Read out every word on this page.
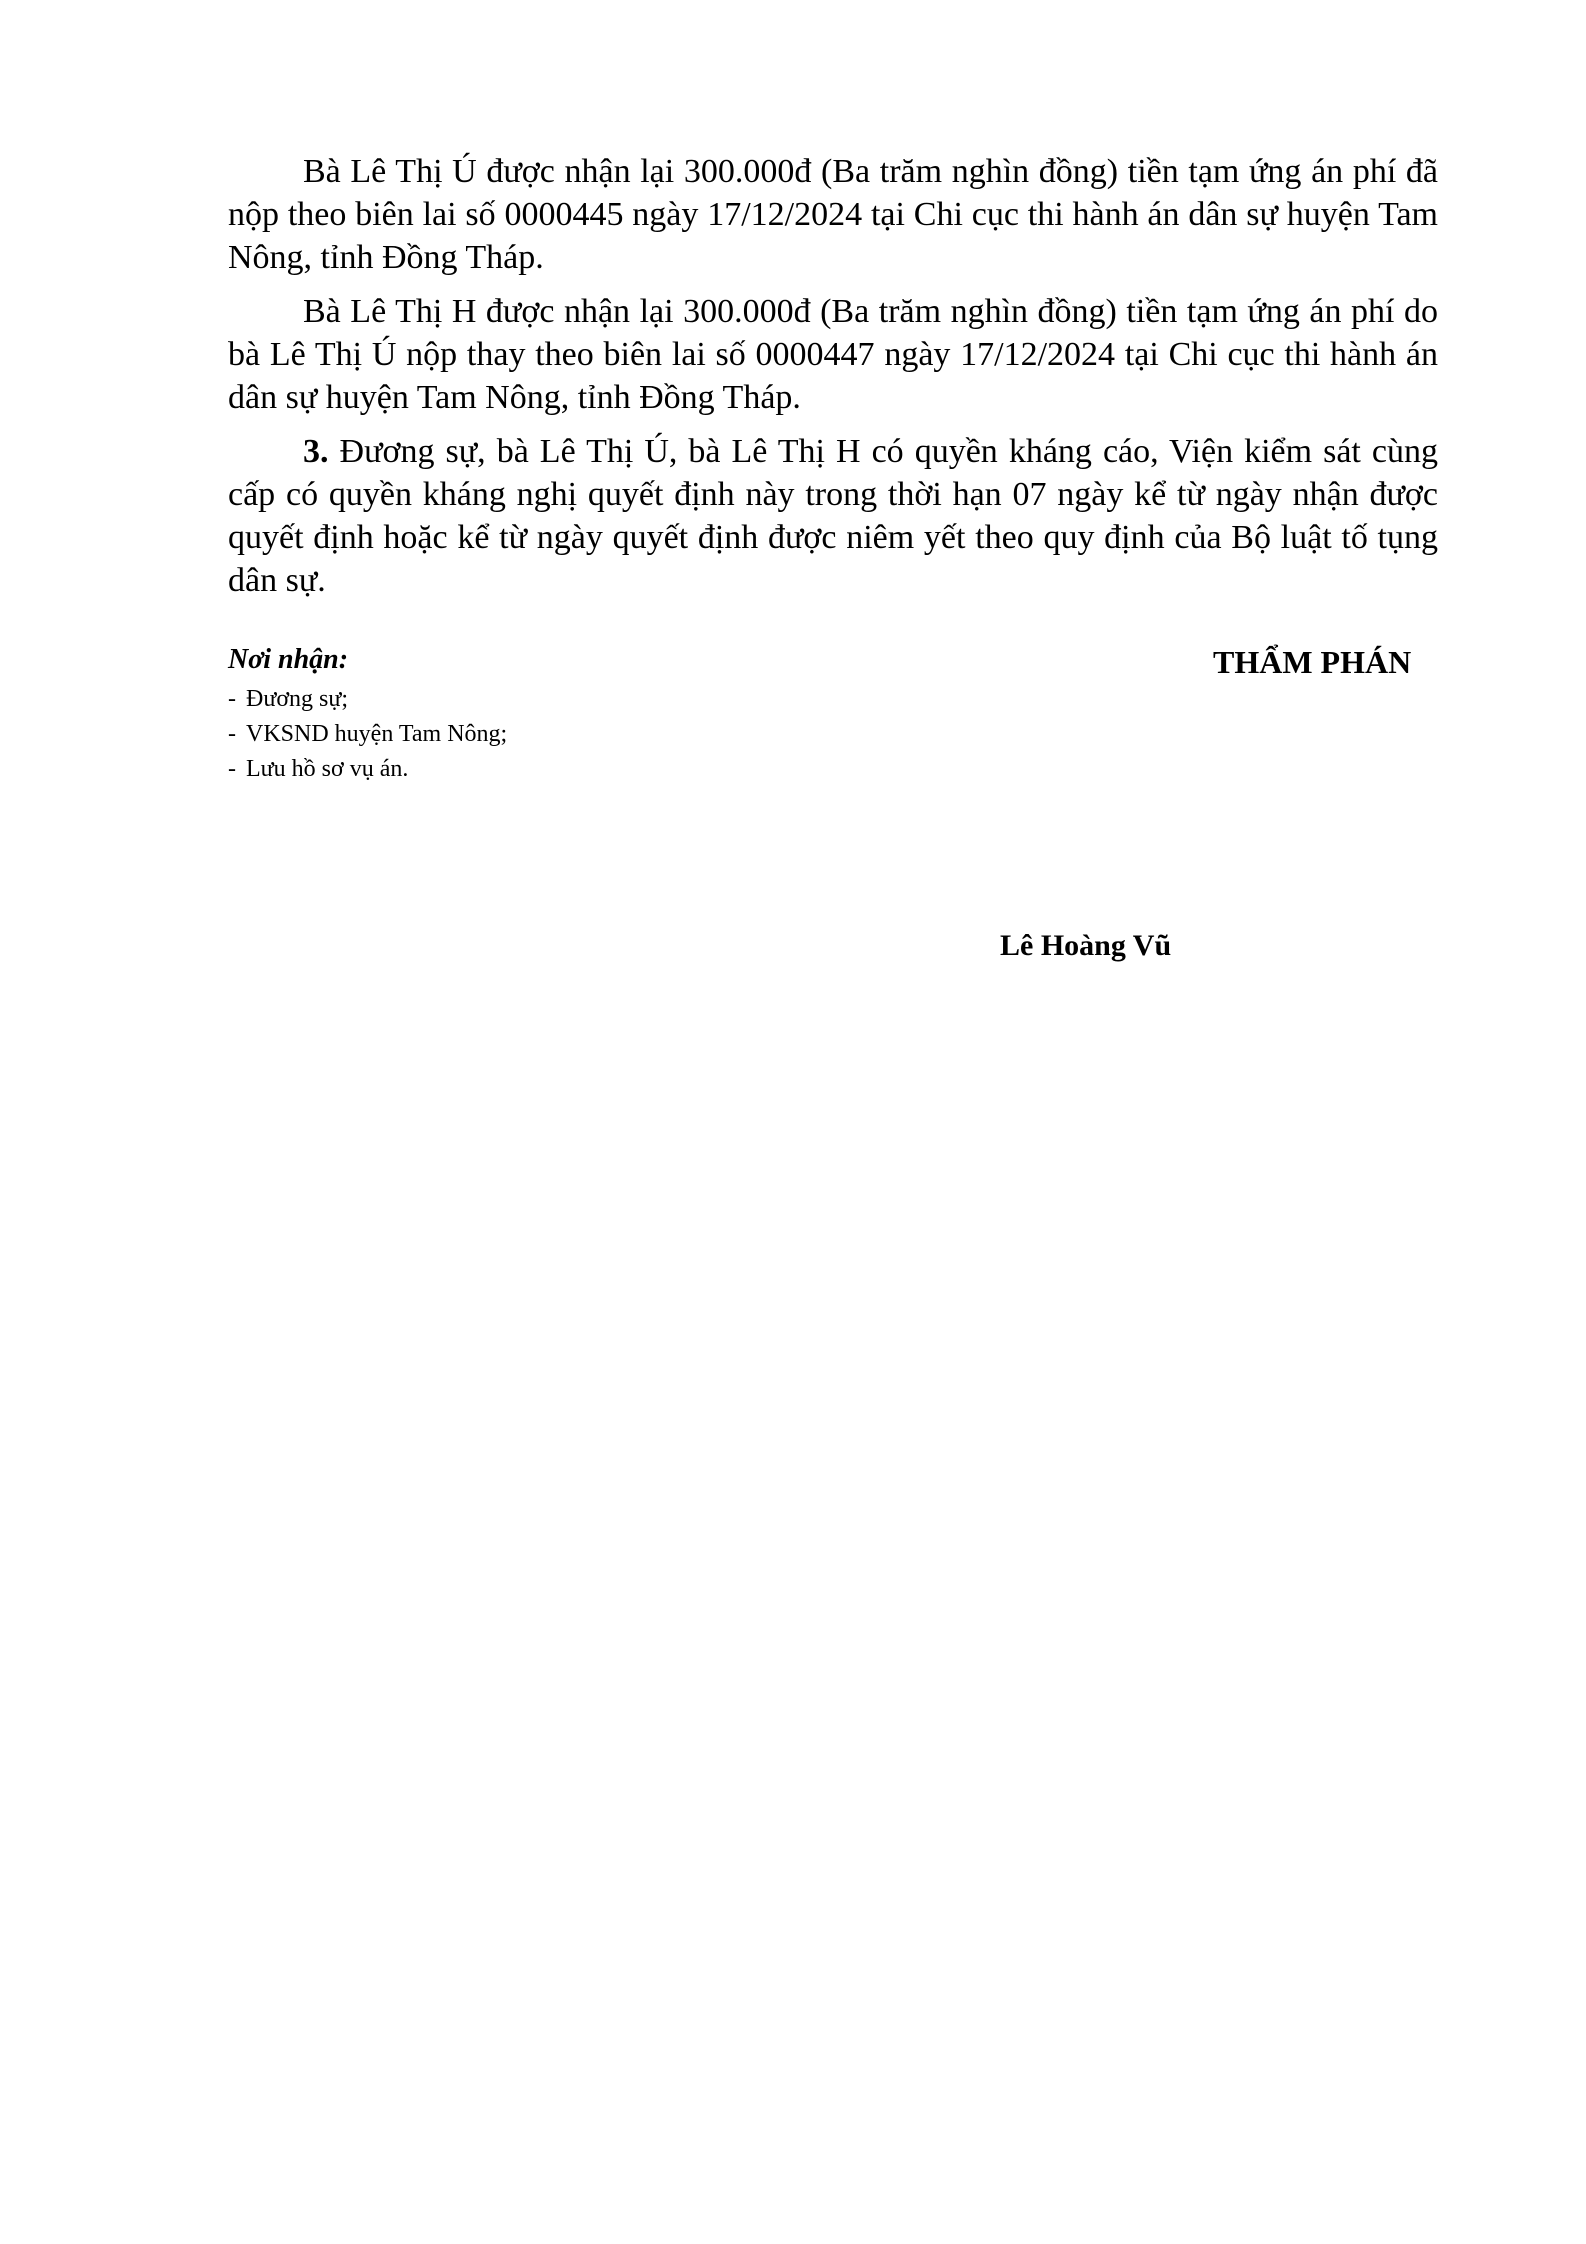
Bà Lê Thị Ú được nhận lại 300.000đ (Ba trăm nghìn đồng) tiền tạm ứng án phí đã nộp theo biên lai số 0000445 ngày 17/12/2024 tại Chi cục thi hành án dân sự huyện Tam Nông, tỉnh Đồng Tháp.

Bà Lê Thị H được nhận lại 300.000đ (Ba trăm nghìn đồng) tiền tạm ứng án phí do bà Lê Thị Ú nộp thay theo biên lai số 0000447 ngày 17/12/2024 tại Chi cục thi hành án dân sự huyện Tam Nông, tỉnh Đồng Tháp.

3. Đương sự, bà Lê Thị Ú, bà Lê Thị H có quyền kháng cáo, Viện kiểm sát cùng cấp có quyền kháng nghị quyết định này trong thời hạn 07 ngày kể từ ngày nhận được quyết định hoặc kể từ ngày quyết định được niêm yết theo quy định của Bộ luật tố tụng dân sự.

Nơi nhận:

- Đương sự;
- VKSND huyện Tam Nông;
- Lưu hồ sơ vụ án.

THẨM PHÁN

Lê Hoàng Vũ
